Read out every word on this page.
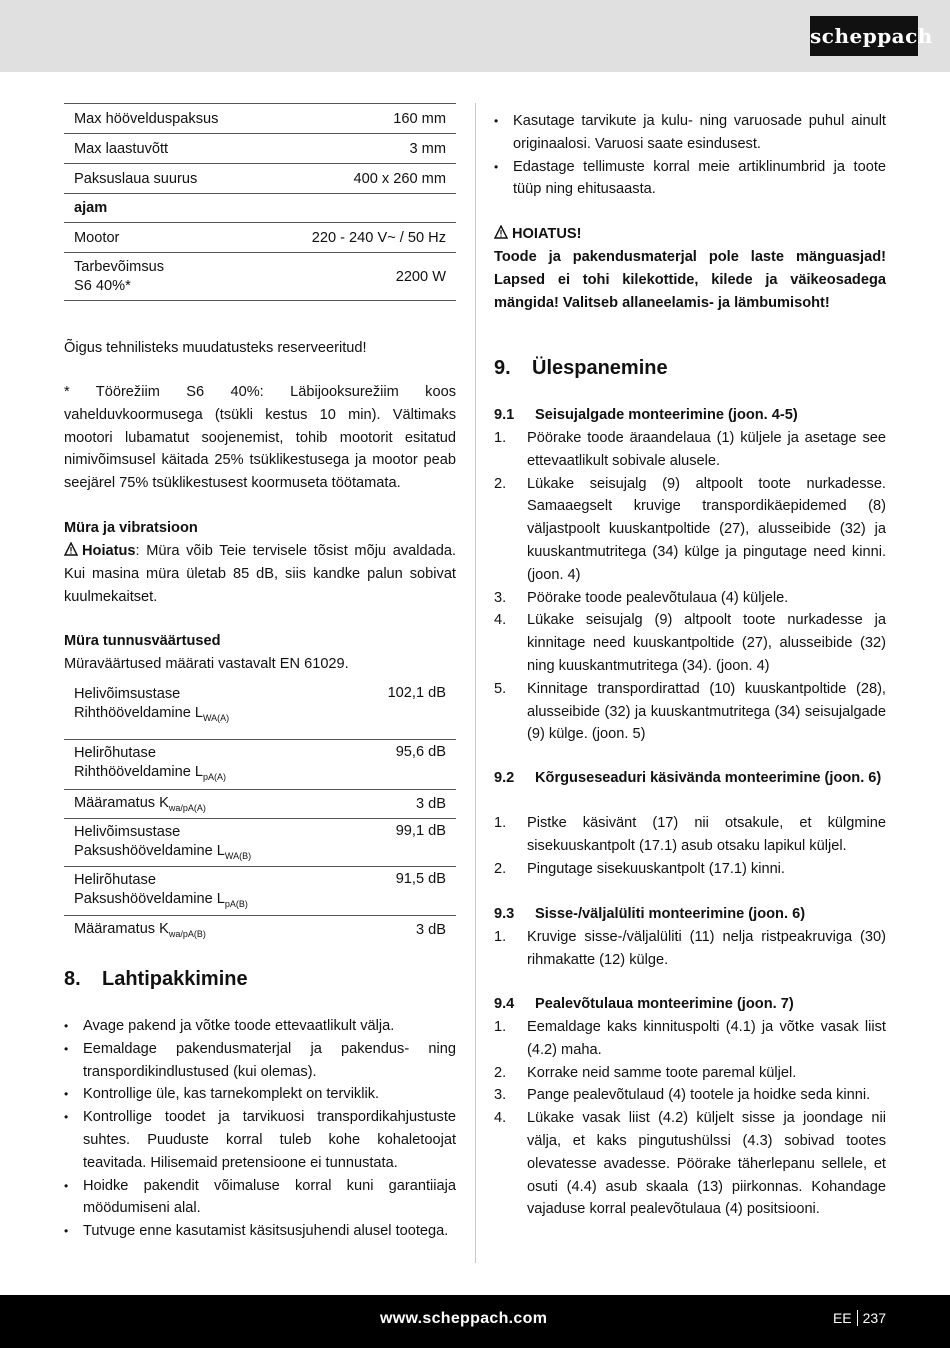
scheppach
Max höövelduspaksus	160 mm
Max laastuvõtt	3 mm
Paksuslaua suurus	400 x 260 mm
ajam	
Mootor	220 - 240 V~ / 50 Hz
Tarbevõimsus
S6 40%*	2200 W
Õigus tehnilisteks muudatusteks reserveeritud!
* Töörežiim S6 40%: Läbijooksurežiim koos vahelduvkoormusega (tsükli kestus 10 min). Vältimaks mootori lubamatut soojenemist, tohib mootorit esitatud nimivõimsusel käitada 25% tsüklikestusega ja mootor peab seejärel 75% tsüklikestusest koormuseta töötamata.
Müra ja vibratsioon
Hoiatus: Müra võib Teie tervisele tõsist mõju avaldada. Kui masina müra ületab 85 dB, siis kandke palun sobivat kuulmekaitset.
Müra tunnusväärtused
Müraväärtused määrati vastavalt EN 61029.
Helivõimsustase
Rihthööveldamine $L_{WA(A)}$	102,1 dB
Helirõhutase
Rihthööveldamine $L_{pA(A)}$	95,6 dB
Määramatus $K_{wa/pA(A)}$	3 dB
Helivõimsustase
Paksushööveldamine $L_{WA(B)}$	99,1 dB
Helirõhutase
Paksushööveldamine $L_{pA(B)}$	91,5 dB
Määramatus $K_{wa/pA(B)}$	3 dB
8. Lahtipakkimine
• Avage pakend ja võtke toode ettevaatlikult välja.
• Eemaldage pakendusmaterjal ja pakendus- ning transpordikindlustused (kui olemas).
• Kontrollige üle, kas tarnekomplekt on terviklik.
• Kontrollige toodet ja tarvikuosi transpordikahjustuste suhtes. Puuduste korral tuleb kohe kohaletoojat teavitada. Hilisemaid pretensioone ei tunnustata.
• Hoidke pakendit võimaluse korral kuni garantiiaja möödumiseni alal.
• Tutvuge enne kasutamist käsitsusjuhendi alusel tootega.
• Kasutage tarvikute ja kulu- ning varuosade puhul ainult originaalosi. Varuosi saate esindusest.
• Edastage tellimuste korral meie artiklinumbrid ja toote tüüp ning ehitusaasta.
HOIATUS!
Toode ja pakendusmaterjal pole laste mänguasjad! Lapsed ei tohi kilekottide, kilede ja väikeosadega mängida! Valitseb allaneelamis- ja lämbumisoht!
9. Ülespanemine
9.1 Seisujalgade monteerimine (joon. 4-5)
1. Pöörake toode äraandelaua (1) küljele ja asetage see ettevaatlikult sobivale alusele.
2. Lükake seisujalg (9) altpoolt toote nurkadesse. Samaaegselt kruvige transpordikäepidemed (8) väljastpoolt kuuskantpoltide (27), alusseibide (32) ja kuuskantmutritega (34) külge ja pingutage need kinni. (joon. 4)
3. Pöörake toode pealevõtulaua (4) küljele.
4. Lükake seisujalg (9) altpoolt toote nurkadesse ja kinnitage need kuuskantpoltide (27), alusseibide (32) ning kuuskantmutritega (34). (joon. 4)
5. Kinnitage transpordirattad (10) kuuskantpoltide (28), alusseibide (32) ja kuuskantmutritega (34) seisujalgade (9) külge. (joon. 5)
9.2 Kõrguseseaduri käsivända monteerimine (joon. 6)
1. Pistke käsivänt (17) nii otsakule, et külgmine sisekuuskantpolt (17.1) asub otsaku lapikul küljel.
2. Pingutage sisekuuskantpolt (17.1) kinni.
9.3 Sisse-/väljalüliti monteerimine (joon. 6)
1. Kruvige sisse-/väljalüliti (11) nelja ristpeakruviga (30) rihmakatte (12) külge.
9.4 Pealevõtulaua monteerimine (joon. 7)
1. Eemaldage kaks kinnituspolti (4.1) ja võtke vasak liist (4.2) maha.
2. Korrake neid samme toote paremal küljel.
3. Pange pealevõtulaud (4) tootele ja hoidke seda kinni.
4. Lükake vasak liist (4.2) küljelt sisse ja joondage nii välja, et kaks pingutushülssi (4.3) sobivad tootes olevatesse avadesse. Pöörake täherlepanu sellele, et osuti (4.4) asub skaala (13) piirkonnas. Kohandage vajaduse korral pealevõtulaua (4) positsiooni.
www.scheppach.com	EE 237
